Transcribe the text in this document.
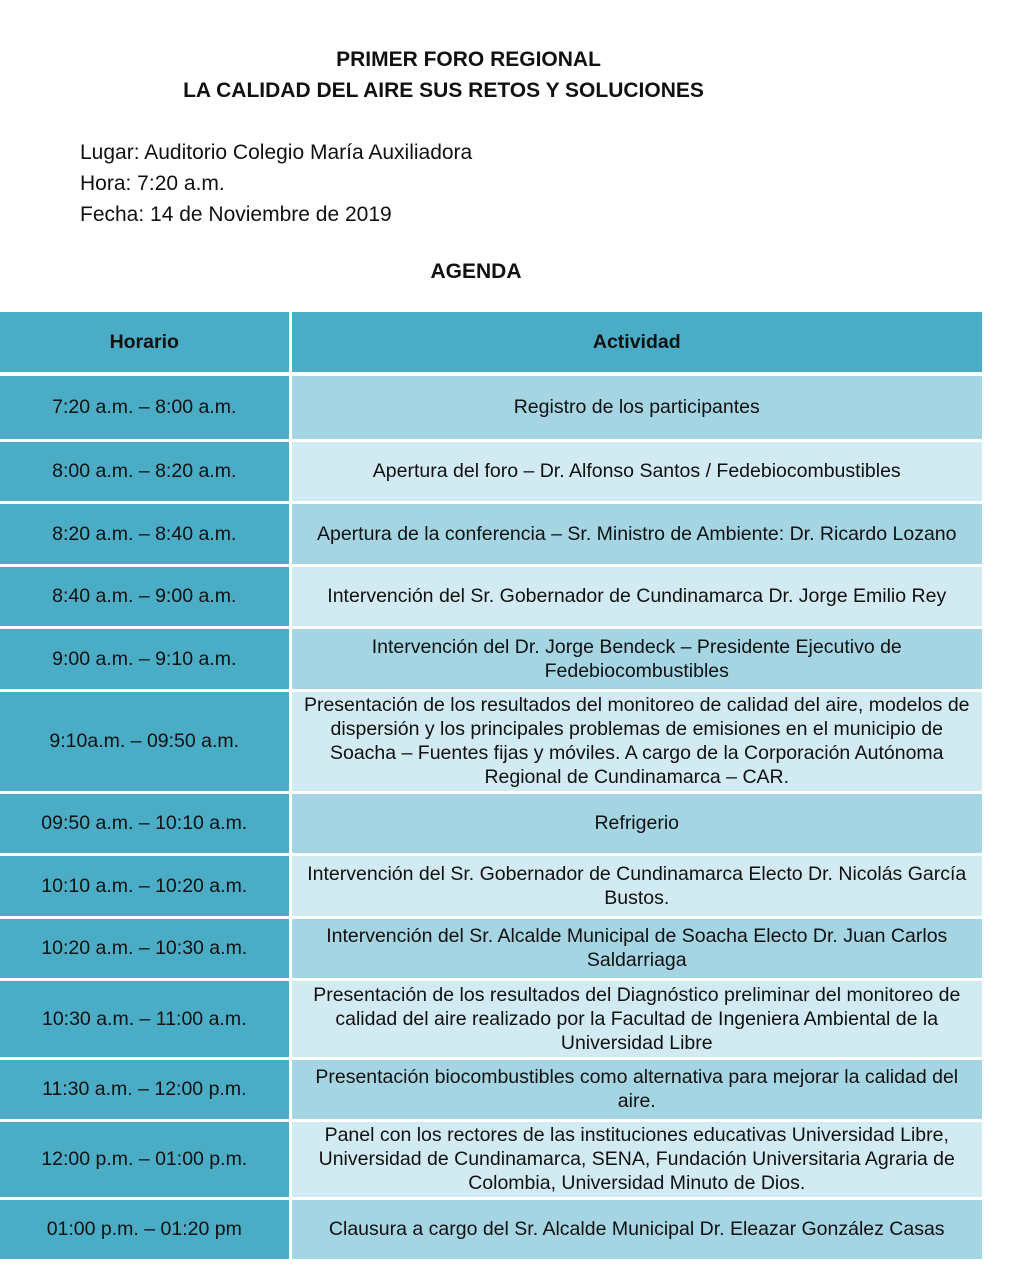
PRIMER FORO REGIONAL
LA CALIDAD DEL AIRE SUS RETOS Y SOLUCIONES
Lugar: Auditorio Colegio María Auxiliadora
Hora: 7:20 a.m.
Fecha: 14 de Noviembre de 2019
AGENDA
Horario	Actividad
7:20 a.m. – 8:00 a.m.	Registro de los participantes
8:00 a.m. – 8:20 a.m.	Apertura del foro – Dr. Alfonso Santos / Fedebiocombustibles
8:20 a.m. – 8:40 a.m.	Apertura de la conferencia – Sr. Ministro de Ambiente: Dr. Ricardo Lozano
8:40 a.m. – 9:00 a.m.	Intervención del Sr. Gobernador de Cundinamarca Dr. Jorge Emilio Rey
9:00 a.m. – 9:10 a.m.	Intervención del Dr. Jorge Bendeck – Presidente Ejecutivo de Fedebiocombustibles
9:10a.m. – 09:50 a.m.	Presentación de los resultados del monitoreo de calidad del aire, modelos de dispersión y los principales problemas de emisiones en el municipio de Soacha – Fuentes fijas y móviles. A cargo de la Corporación Autónoma Regional de Cundinamarca – CAR.
09:50 a.m. – 10:10 a.m.	Refrigerio
10:10 a.m. – 10:20 a.m.	Intervención del Sr. Gobernador de Cundinamarca Electo Dr. Nicolás García Bustos.
10:20 a.m. – 10:30 a.m.	Intervención del Sr. Alcalde Municipal de Soacha Electo Dr. Juan Carlos Saldarriaga
10:30 a.m. – 11:00 a.m.	Presentación de los resultados del Diagnóstico preliminar del monitoreo de calidad del aire realizado por la Facultad de Ingeniera Ambiental de la Universidad Libre
11:30 a.m. – 12:00 p.m.	Presentación biocombustibles como alternativa para mejorar la calidad del aire.
12:00 p.m. – 01:00 p.m.	Panel con los rectores de las instituciones educativas Universidad Libre, Universidad de Cundinamarca, SENA, Fundación Universitaria Agraria de Colombia, Universidad Minuto de Dios.
01:00 p.m. – 01:20 pm	Clausura a cargo del Sr. Alcalde Municipal Dr. Eleazar González Casas
